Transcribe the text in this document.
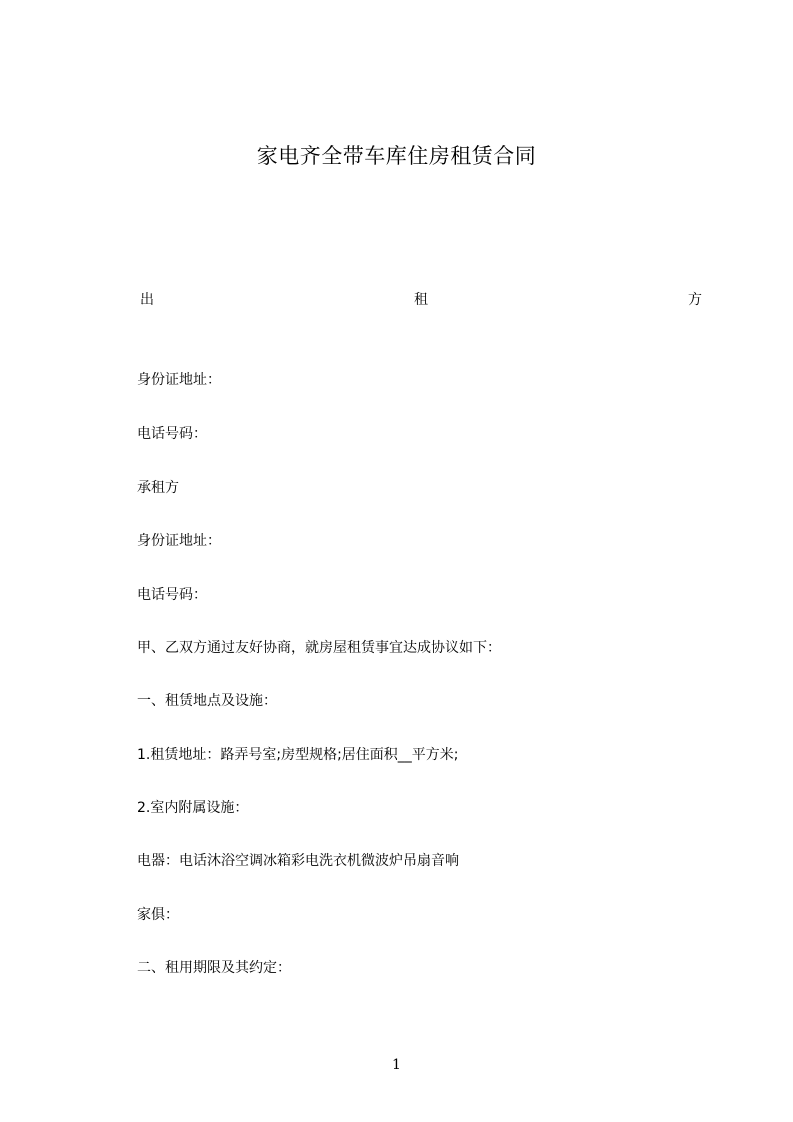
家电齐全带车库住房租赁合同
出	租	方
身份证地址：
电话号码：
承租方
身份证地址：
电话号码：
甲、乙双方通过友好协商，就房屋租赁事宜达成协议如下：
一、租赁地点及设施：
1.租赁地址：路弄号室;房型规格;居住面积__平方米;
2.室内附属设施：
电器：电话沐浴空调冰箱彩电洗衣机微波炉吊扇音响
家俱：
二、租用期限及其约定：
1
